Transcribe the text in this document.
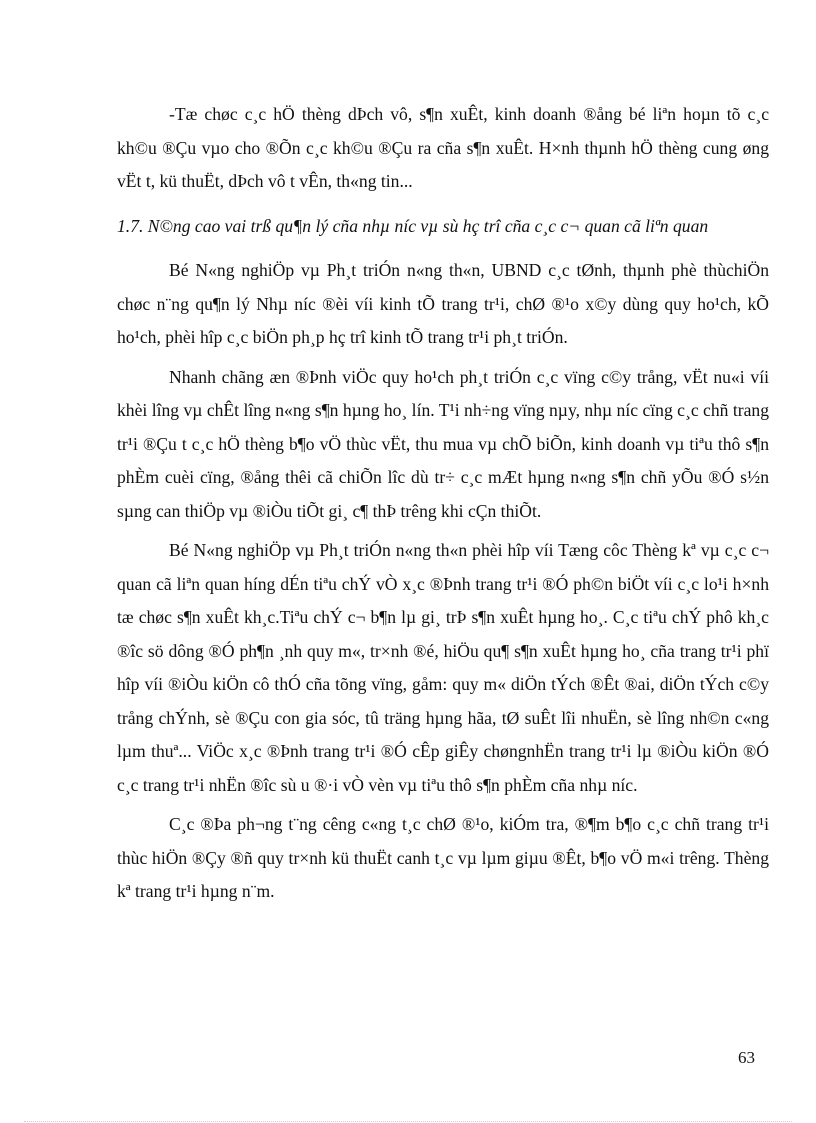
-Tæ chøc c¸c hÖ thèng dÞch vô, s¶n xuÊt, kinh doanh ®ång bé liªn hoµn tõ c¸c kh©u ®Çu vµo cho ®Õn c¸c kh©u ®Çu ra cña s¶n xuÊt. H×nh thµnh hÖ thèng cung øng vËt t, kü thuËt, dÞch vô t vÊn, th«ng tin...

1.7. N©ng cao vai trß qu¶n lý cña nhµ níc vµ sù hç trî cña c¸c c¬ quan cã liªn quan

Bé N«ng nghiÖp vµ Ph¸t triÓn n«ng th«n, UBND c¸c tØnh, thµnh phè thùchiÖn chøc n¨ng qu¶n lý Nhµ níc ®èi víi kinh tÕ trang tr¹i, chØ ®¹o x©y dùng quy ho¹ch, kÕ ho¹ch, phèi hîp c¸c biÖn ph¸p hç trî kinh tÕ trang tr¹i ph¸t triÓn.

Nhanh chãng æn ®Þnh viÖc quy ho¹ch ph¸t triÓn c¸c vïng c©y trång, vËt nu«i víi khèi lîng vµ chÊt lîng n«ng s¶n hµng ho¸ lín. T¹i nh÷ng vïng nµy, nhµ níc cïng c¸c chñ trang tr¹i ®Çu t c¸c hÖ thèng b¶o vÖ thùc vËt, thu mua vµ chÕ biÕn, kinh doanh vµ tiªu thô s¶n phÈm cuèi cïng, ®ång thêi cã chiÕn lîc dù tr÷ c¸c mÆt hµng n«ng s¶n chñ yÕu ®Ó s½n sµng can thiÖp vµ ®iÒu tiÕt gi¸ c¶ thÞ trêng khi cÇn thiÕt.

Bé N«ng nghiÖp vµ Ph¸t triÓn n«ng th«n phèi hîp víi Tæng côc Thèng kª vµ c¸c c¬ quan cã liªn quan híng dÉn tiªu chÝ vÒ x¸c ®Þnh trang tr¹i ®Ó ph©n biÖt víi c¸c lo¹i h×nh tæ chøc s¶n xuÊt kh¸c.Tiªu chÝ c¬ b¶n lµ gi¸ trÞ s¶n xuÊt hµng ho¸. C¸c tiªu chÝ phô kh¸c ®îc sö dông ®Ó ph¶n ¸nh quy m«, tr×nh ®é, hiÖu qu¶ s¶n xuÊt hµng ho¸ cña trang tr¹i phï hîp víi ®iÒu kiÖn cô thÓ cña tõng vïng, gåm: quy m« diÖn tÝch ®Êt ®ai, diÖn tÝch c©y trång chÝnh, sè ®Çu con gia sóc, tû träng hµng hãa, tØ suÊt lîi nhuËn, sè lîng nh©n c«ng lµm thuª... ViÖc x¸c ®Þnh trang tr¹i ®Ó cÊp giÊy chøngnhËn trang tr¹i lµ ®iÒu kiÖn ®Ó c¸c trang tr¹i nhËn ®îc sù u ®·i vÒ vèn vµ tiªu thô s¶n phÈm cña nhµ níc.

C¸c ®Þa ph¬ng t¨ng cêng c«ng t¸c chØ ®¹o, kiÓm tra, ®¶m b¶o c¸c chñ trang tr¹i thùc hiÖn ®Çy ®ñ quy tr×nh kü thuËt canh t¸c vµ lµm giµu ®Êt, b¶o vÖ m«i trêng. Thèng kª trang tr¹i hµng n¨m.

63
